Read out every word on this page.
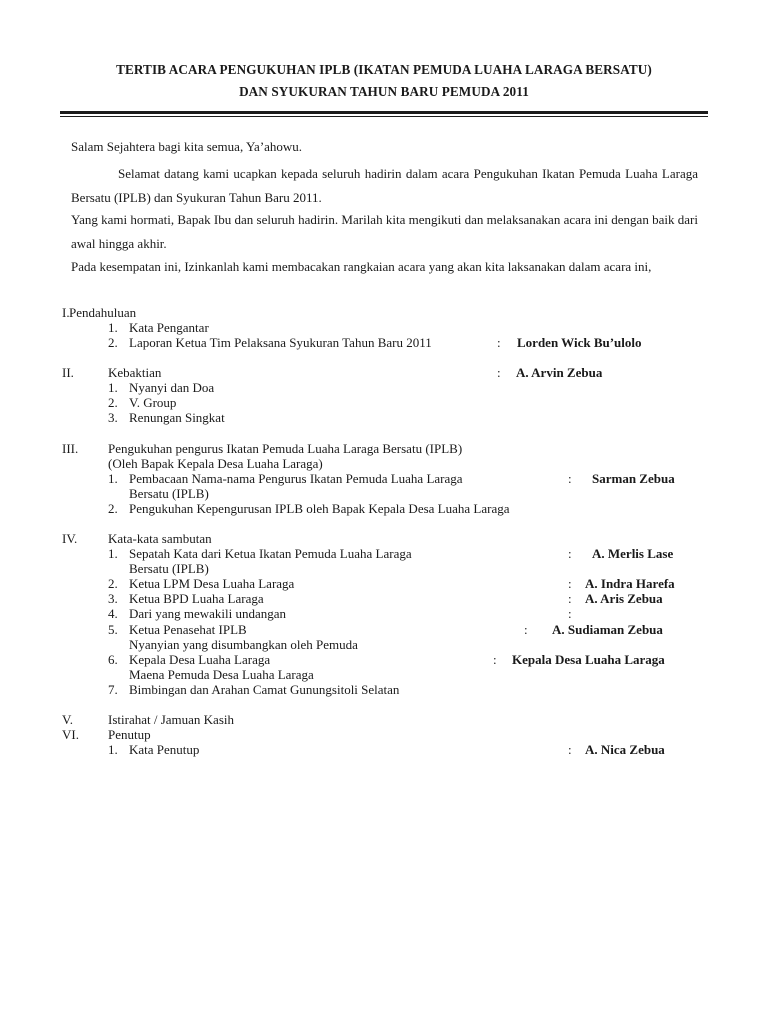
TERTIB ACARA PENGUKUHAN IPLB (IKATAN PEMUDA LUAHA LARAGA BERSATU)
DAN SYUKURAN TAHUN BARU PEMUDA 2011
Salam Sejahtera bagi kita semua, Ya’ahowu.
Selamat datang kami ucapkan kepada seluruh hadirin dalam acara Pengukuhan Ikatan Pemuda Luaha Laraga Bersatu (IPLB) dan Syukuran Tahun Baru 2011.
Yang kami hormati, Bapak Ibu dan seluruh hadirin. Marilah kita mengikuti dan melaksanakan acara ini dengan baik dari awal hingga akhir.
Pada kesempatan ini, Izinkanlah kami membacakan rangkaian acara yang akan kita laksanakan dalam acara ini,
I. Pendahuluan
1. Kata Pengantar
2. Laporan Ketua Tim Pelaksana Syukuran Tahun Baru 2011	: Lorden Wick Bu’ulolo
II.	Kebaktian	: A. Arvin Zebua
1. Nyanyi dan Doa
2. V. Group
3. Renungan Singkat
III. Pengukuhan pengurus Ikatan Pemuda Luaha Laraga Bersatu (IPLB)
(Oleh Bapak Kepala Desa Luaha Laraga)
1. Pembacaan Nama-nama Pengurus Ikatan Pemuda Luaha Laraga	: Sarman Zebua
Bersatu (IPLB)
2. Pengukuhan Kepengurusan IPLB oleh Bapak Kepala Desa Luaha Laraga
IV. Kata-kata sambutan
1. Sepatah Kata dari Ketua Ikatan Pemuda Luaha Laraga	: A. Merlis Lase
Bersatu (IPLB)
2. Ketua LPM Desa Luaha Laraga	: A. Indra Harefa
3. Ketua BPD Luaha Laraga	: A. Aris Zebua
4. Dari yang mewakili undangan	:
5. Ketua Penasehat IPLB	: A. Sudiaman Zebua
Nyanyian yang disumbangkan oleh Pemuda
6. Kepala Desa Luaha Laraga	: Kepala Desa Luaha Laraga
Maena Pemuda Desa Luaha Laraga
7. Bimbingan dan Arahan Camat Gunungsitoli Selatan
V.	Istirahat / Jamuan Kasih
VI. Penutup
1. Kata Penutup	: A. Nica Zebua
